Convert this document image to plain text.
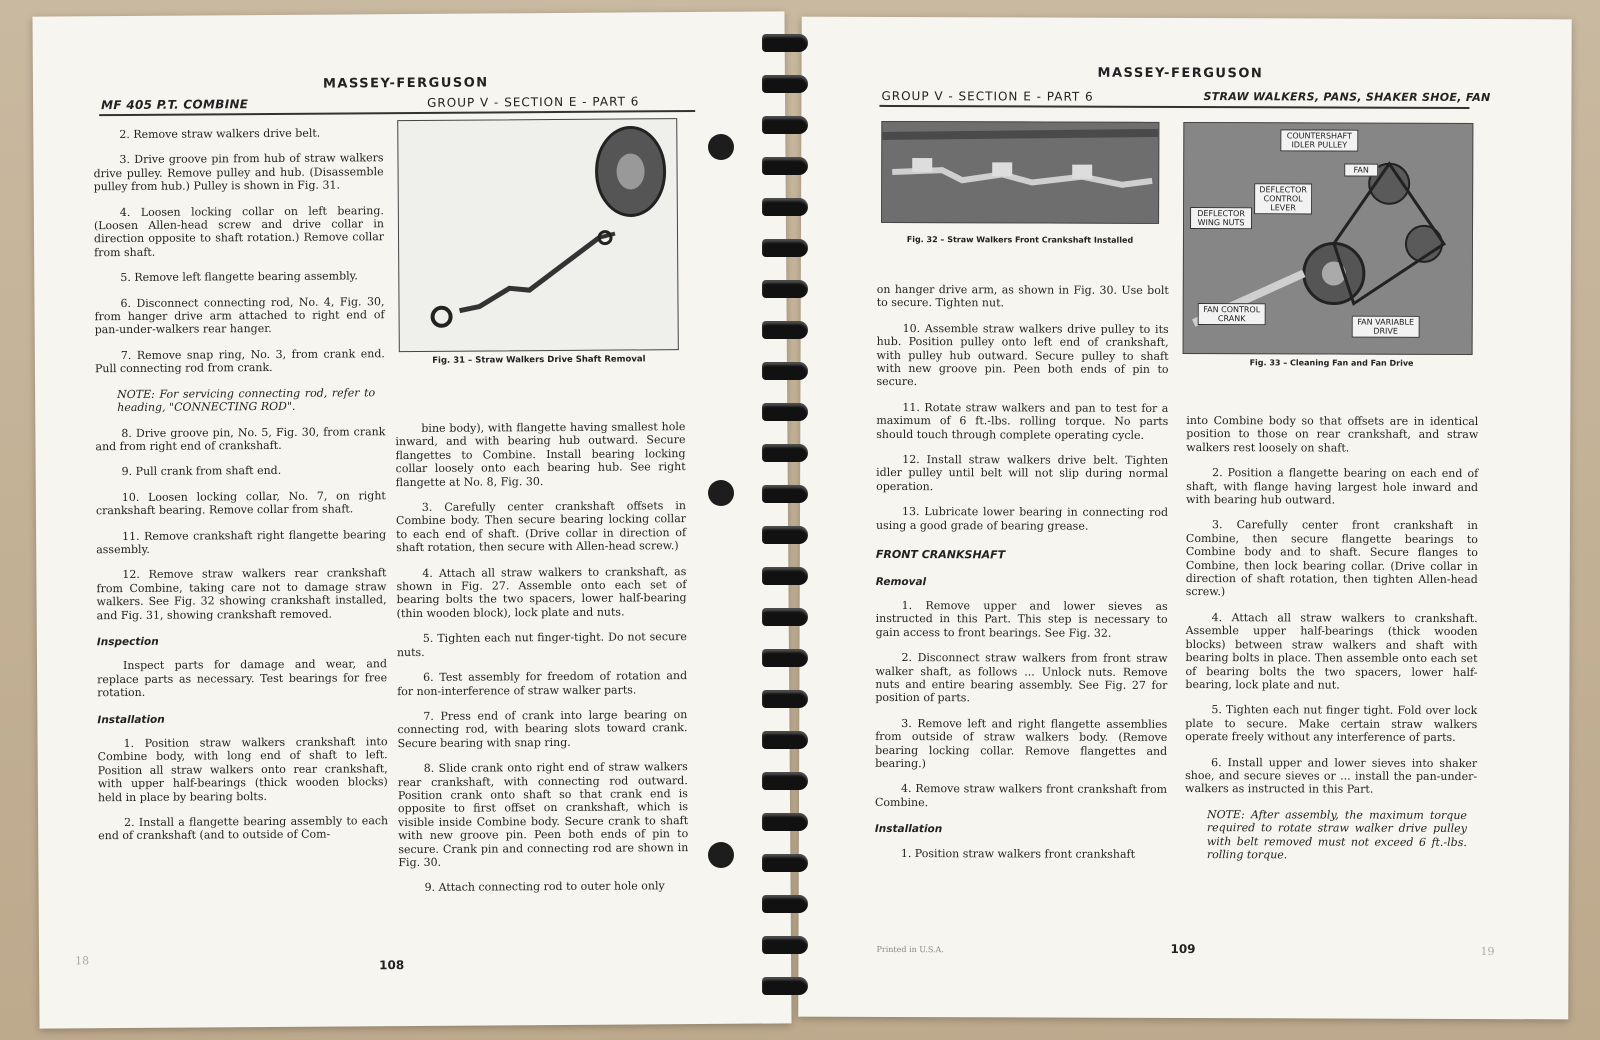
MASSEY-FERGUSON
MF 405 P.T. COMBINE	GROUP V - SECTION E - PART 6

2. Remove straw walkers drive belt.

3. Drive groove pin from hub of straw walkers drive pulley. Remove pulley and hub. (Disassemble pulley from hub.) Pulley is shown in Fig. 31.

4. Loosen locking collar on left bearing. (Loosen Allen-head screw and drive collar in direction opposite to shaft rotation.) Remove collar from shaft.

5. Remove left flangette bearing assembly.

6. Disconnect connecting rod, No. 4, Fig. 30, from hanger drive arm attached to right end of pan-under-walkers rear hanger.

7. Remove snap ring, No. 3, from crank end. Pull connecting rod from crank.

NOTE: For servicing connecting rod, refer to heading, "CONNECTING ROD".

8. Drive groove pin, No. 5, Fig. 30, from crank and from right end of crankshaft.

9. Pull crank from shaft end.

10. Loosen locking collar, No. 7, on right crankshaft bearing. Remove collar from shaft.

11. Remove crankshaft right flangette bearing assembly.

12. Remove straw walkers rear crankshaft from Combine, taking care not to damage straw walkers. See Fig. 32 showing crankshaft installed, and Fig. 31, showing crankshaft removed.

Inspection

Inspect parts for damage and wear, and replace parts as necessary. Test bearings for free rotation.

Installation

1. Position straw walkers crankshaft into Combine body, with long end of shaft to left. Position all straw walkers onto rear crankshaft, with upper half-bearings (thick wooden blocks) held in place by bearing bolts.

2. Install a flangette bearing assembly to each end of crankshaft (and to outside of Com-

Fig. 31 – Straw Walkers Drive Shaft Removal

bine body), with flangette having smallest hole inward, and with bearing hub outward. Secure flangettes to Combine. Install bearing locking collar loosely onto each bearing hub. See right flangette at No. 8, Fig. 30.

3. Carefully center crankshaft offsets in Combine body. Then secure bearing locking collar to each end of shaft. (Drive collar in direction of shaft rotation, then secure with Allen-head screw.)

4. Attach all straw walkers to crankshaft, as shown in Fig. 27. Assemble onto each set of bearing bolts the two spacers, lower half-bearing (thin wooden block), lock plate and nuts.

5. Tighten each nut finger-tight. Do not secure nuts.

6. Test assembly for freedom of rotation and for non-interference of straw walker parts.

7. Press end of crank into large bearing on connecting rod, with bearing slots toward crank. Secure bearing with snap ring.

8. Slide crank onto right end of straw walkers rear crankshaft, with connecting rod outward. Position crank onto shaft so that crank end is opposite to first offset on crankshaft, which is visible inside Combine body. Secure crank to shaft with new groove pin. Peen both ends of pin to secure. Crank pin and connecting rod are shown in Fig. 30.

9. Attach connecting rod to outer hole only

18	108
MASSEY-FERGUSON
GROUP V - SECTION E - PART 6	STRAW WALKERS, PANS, SHAKER SHOE, FAN
Fig. 32 – Straw Walkers Front Crankshaft Installed
COUNTERSHAFT IDLER PULLEY
FAN
DEFLECTOR CONTROL LEVER
DEFLECTOR WING NUTS
FAN CONTROL CRANK	FAN VARIABLE DRIVE
Fig. 33 – Cleaning Fan and Fan Drive

on hanger drive arm, as shown in Fig. 30. Use bolt to secure. Tighten nut.

10. Assemble straw walkers drive pulley to its hub. Position pulley onto left end of crankshaft, with pulley hub outward. Secure pulley to shaft with new groove pin. Peen both ends of pin to secure.

11. Rotate straw walkers and pan to test for a maximum of 6 ft.-lbs. rolling torque. No parts should touch through complete operating cycle.

12. Install straw walkers drive belt. Tighten idler pulley until belt will not slip during normal operation.

13. Lubricate lower bearing in connecting rod using a good grade of bearing grease.

FRONT CRANKSHAFT
Removal

1. Remove upper and lower sieves as instructed in this Part. This step is necessary to gain access to front bearings. See Fig. 32.

2. Disconnect straw walkers from front straw walker shaft, as follows ... Unlock nuts. Remove nuts and entire bearing assembly. See Fig. 27 for position of parts.

3. Remove left and right flangette assemblies from outside of straw walkers body. (Remove bearing locking collar. Remove flangettes and bearing.)

4. Remove straw walkers front crankshaft from Combine.

Installation

1. Position straw walkers front crankshaft

into Combine body so that offsets are in identical position to those on rear crankshaft, and straw walkers rest loosely on shaft.

2. Position a flangette bearing on each end of shaft, with flange having largest hole inward and with bearing hub outward.

3. Carefully center front crankshaft in Combine, then secure flangette bearings to Combine body and to shaft. Secure flanges to Combine, then lock bearing collar. (Drive collar in direction of shaft rotation, then tighten Allen-head screw.)

4. Attach all straw walkers to crankshaft. Assemble upper half-bearings (thick wooden blocks) between straw walkers and shaft with bearing bolts in place. Then assemble onto each set of bearing bolts the two spacers, lower half-bearing, lock plate and nut.

5. Tighten each nut finger tight. Fold over lock plate to secure. Make certain straw walkers operate freely without any interference of parts.

6. Install upper and lower sieves into shaker shoe, and secure sieves or ... install the pan-under-walkers as instructed in this Part.

NOTE: After assembly, the maximum torque required to rotate straw walker drive pulley with belt removed must not exceed 6 ft.-lbs. rolling torque.

Printed in U.S.A.	109	19
